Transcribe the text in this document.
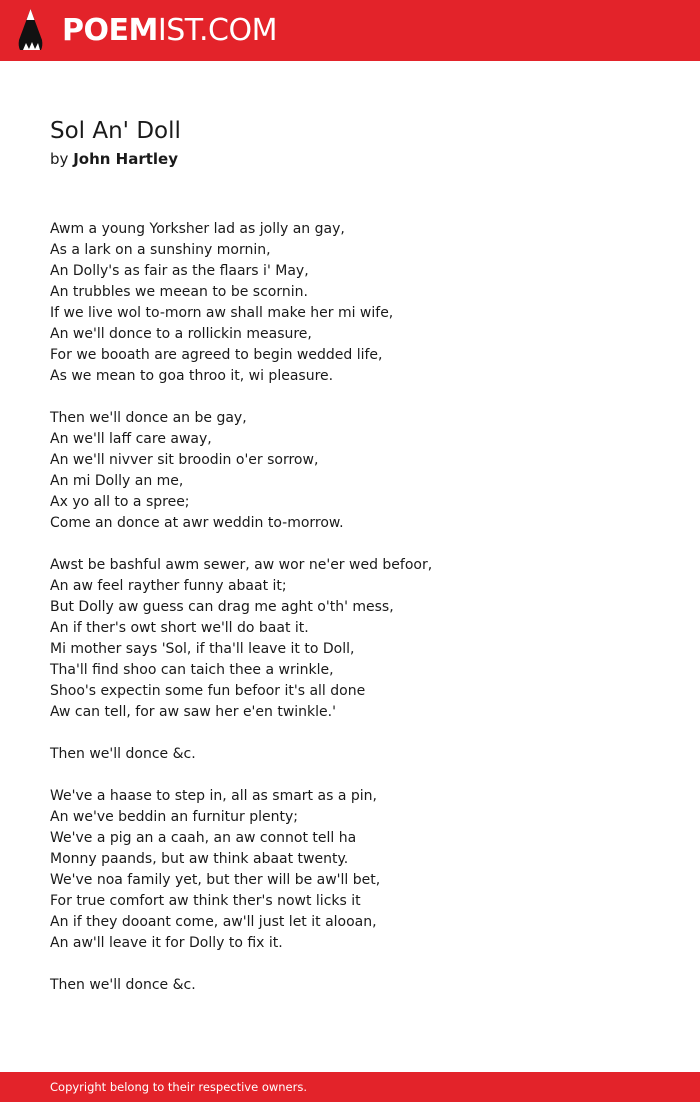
POEMIST.COM
Sol An' Doll
by John Hartley
Awm a young Yorksher lad as jolly an gay,
As a lark on a sunshiny mornin,
An Dolly's as fair as the flaars i' May,
An trubbles we meean to be scornin.
If we live wol to-morn aw shall make her mi wife,
An we'll donce to a rollickin measure,
For we booath are agreed to begin wedded life,
As we mean to goa throo it, wi pleasure.
Then we'll donce an be gay,
An we'll laff care away,
An we'll nivver sit broodin o'er sorrow,
An mi Dolly an me,
Ax yo all to a spree;
Come an donce at awr weddin to-morrow.
Awst be bashful awm sewer, aw wor ne'er wed befoor,
An aw feel rayther funny abaat it;
But Dolly aw guess can drag me aght o'th' mess,
An if ther's owt short we'll do baat it.
Mi mother says 'Sol, if tha'll leave it to Doll,
Tha'll find shoo can taich thee a wrinkle,
Shoo's expectin some fun befoor it's all done
Aw can tell, for aw saw her e'en twinkle.'
Then we'll donce &c.
We've a haase to step in, all as smart as a pin,
An we've beddin an furnitur plenty;
We've a pig an a caah, an aw connot tell ha
Monny paands, but aw think abaat twenty.
We've noa family yet, but ther will be aw'll bet,
For true comfort aw think ther's nowt licks it
An if they dooant come, aw'll just let it alooan,
An aw'll leave it for Dolly to fix it.
Then we'll donce &c.
Copyright belong to their respective owners.
